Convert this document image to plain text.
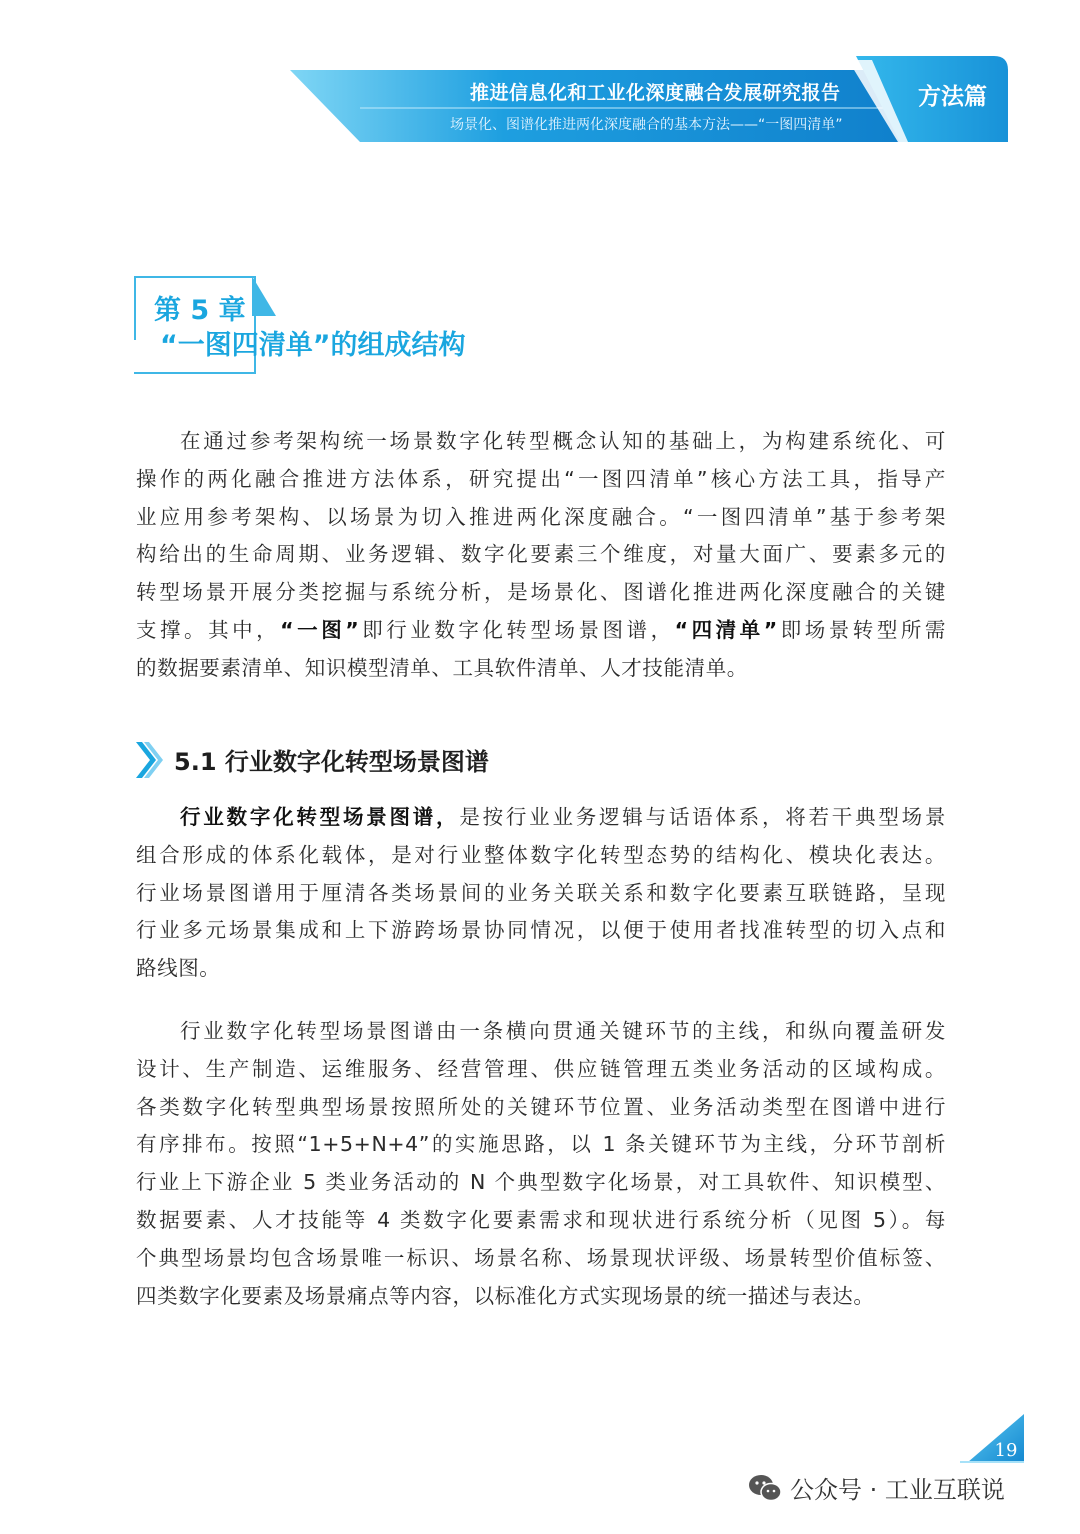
推进信息化和工业化深度融合发展研究报告
场景化、图谱化推进两化深度融合的基本方法——“一图四清单”
方法篇
第 5 章
“一图四清单”的组成结构
在通过参考架构统一场景数字化转型概念认知的基础上，为构建系统化、可
操作的两化融合推进方法体系，研究提出“一图四清单”核心方法工具，指导产
业应用参考架构、以场景为切入推进两化深度融合。“一图四清单”基于参考架
构给出的生命周期、业务逻辑、数字化要素三个维度，对量大面广、要素多元的
转型场景开展分类挖掘与系统分析，是场景化、图谱化推进两化深度融合的关键
支撑。其中，“一图”即行业数字化转型场景图谱，“四清单”即场景转型所需
的数据要素清单、知识模型清单、工具软件清单、人才技能清单。
5.1 行业数字化转型场景图谱
行业数字化转型场景图谱，是按行业业务逻辑与话语体系，将若干典型场景
组合形成的体系化载体，是对行业整体数字化转型态势的结构化、模块化表达。
行业场景图谱用于厘清各类场景间的业务关联关系和数字化要素互联链路，呈现
行业多元场景集成和上下游跨场景协同情况，以便于使用者找准转型的切入点和
路线图。
行业数字化转型场景图谱由一条横向贯通关键环节的主线，和纵向覆盖研发
设计、生产制造、运维服务、经营管理、供应链管理五类业务活动的区域构成。
各类数字化转型典型场景按照所处的关键环节位置、业务活动类型在图谱中进行
有序排布。按照“1+5+N+4”的实施思路，以 1 条关键环节为主线，分环节剖析
行业上下游企业 5 类业务活动的 N 个典型数字化场景，对工具软件、知识模型、
数据要素、人才技能等 4 类数字化要素需求和现状进行系统分析（见图 5）。每
个典型场景均包含场景唯一标识、场景名称、场景现状评级、场景转型价值标签、
四类数字化要素及场景痛点等内容，以标准化方式实现场景的统一描述与表达。
19
公众号 · 工业互联说
